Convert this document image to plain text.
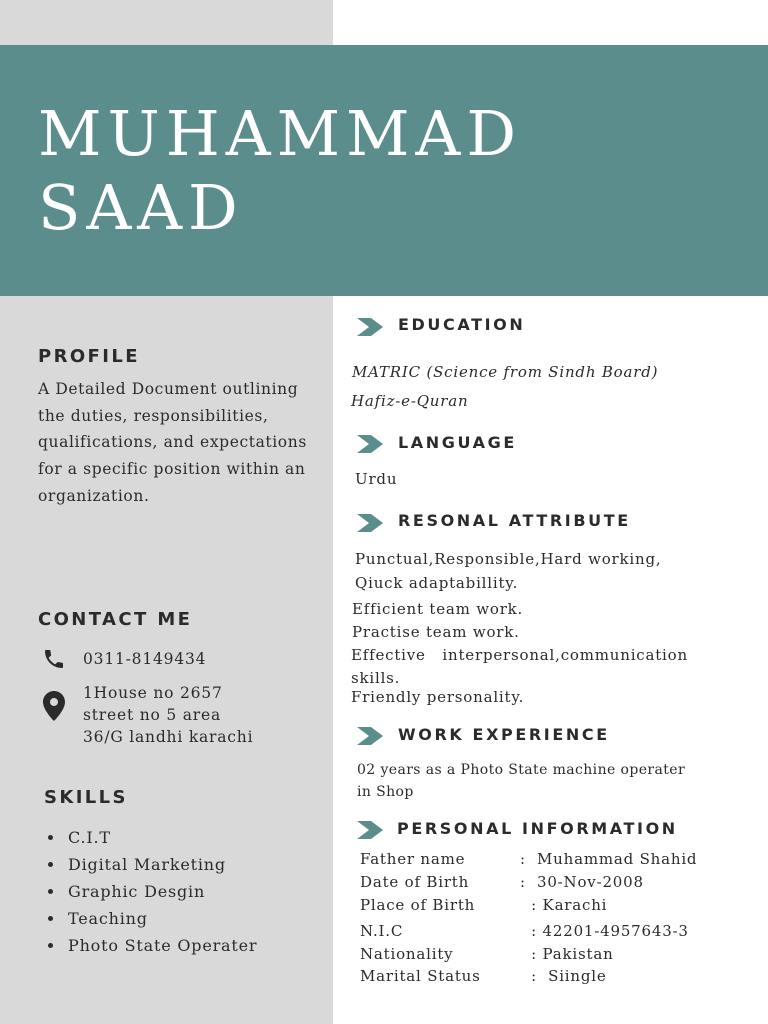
MUHAMMAD
SAAD
PROFILE

A Detailed Document outlining the duties, responsibilities, qualifications, and expectations for a specific position within an organization.

CONTACT ME

0311-8149434

1House no 2657

street no 5 area

36/G landhi karachi

SKILLS
C.I.T
Digital Marketing
Graphic Desgin
Teaching
Photo State Operater
EDUCATION

MATRIC (Science from Sindh Board)

Hafiz-e-Quran

LANGUAGE

Urdu

RESONAL ATTRIBUTE

Punctual,Responsible,Hard working,

Qiuck adaptabillity.

Efficient team work.

Practise team work.

Effective   interpersonal,communication

skills.

Friendly personality.

WORK EXPERIENCE

02 years as a Photo State machine operater

in Shop

PERSONAL INFORMATION
Father name	:  Muhammad Shahid
Date of Birth	:  30-Nov-2008
Place of Birth	: Karachi
N.I.C	: 42201-4957643-3
Nationality	: Pakistan
Marital Status	:  Siingle
